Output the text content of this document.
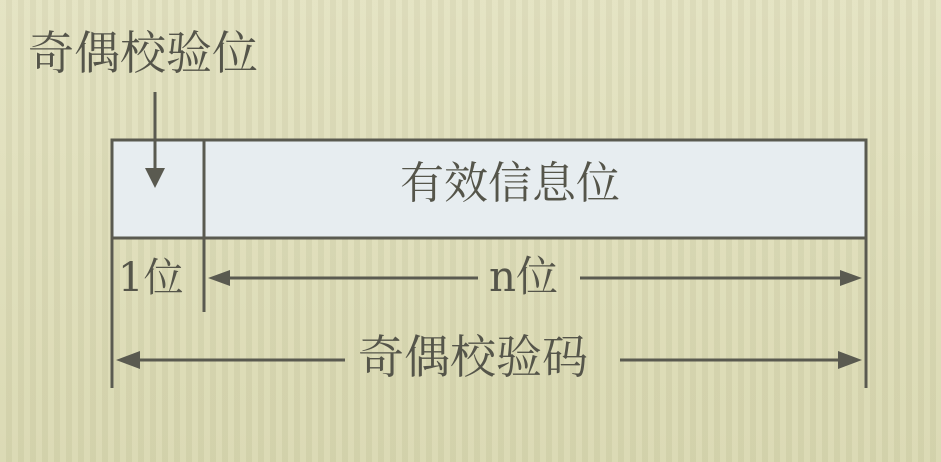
奇偶校验位
有效信息位
1位	n位
奇偶校验码
